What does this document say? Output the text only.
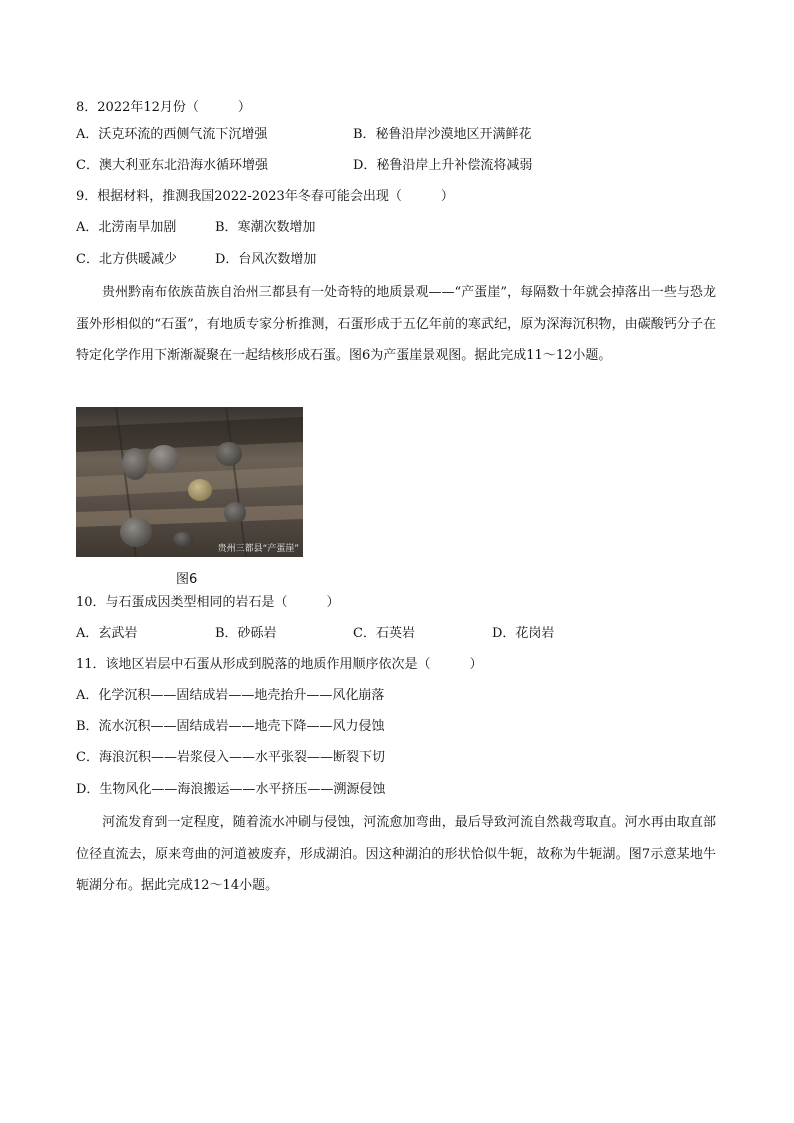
8．2022年12月份（　　　）
A．沃克环流的西侧气流下沉增强	B．秘鲁沿岸沙漠地区开满鲜花
C．澳大利亚东北沿海水循环增强	D．秘鲁沿岸上升补偿流将减弱
9．根据材料，推测我国2022-2023年冬春可能会出现（　　　）
A．北涝南旱加剧	B．寒潮次数增加
C．北方供暖减少	D．台风次数增加
贵州黔南布依族苗族自治州三都县有一处奇特的地质景观——“产蛋崖”，每隔数十年就会掉落出一些与恐龙蛋外形相似的“石蛋”，有地质专家分析推测，石蛋形成于五亿年前的寒武纪，原为深海沉积物，由碳酸钙分子在特定化学作用下渐渐凝聚在一起结核形成石蛋。图6为产蛋崖景观图。据此完成11～12小题。
贵州三都县“产蛋崖”
图6
10．与石蛋成因类型相同的岩石是（　　　）
A．玄武岩	B．砂砾岩	C．石英岩	D．花岗岩
11．该地区岩层中石蛋从形成到脱落的地质作用顺序依次是（　　　）
A．化学沉积——固结成岩——地壳抬升——风化崩落
B．流水沉积——固结成岩——地壳下降——风力侵蚀
C．海浪沉积——岩浆侵入——水平张裂——断裂下切
D．生物风化——海浪搬运——水平挤压——溯源侵蚀
河流发育到一定程度，随着流水冲刷与侵蚀，河流愈加弯曲，最后导致河流自然裁弯取直。河水再由取直部位径直流去，原来弯曲的河道被废弃，形成湖泊。因这种湖泊的形状恰似牛轭，故称为牛轭湖。图7示意某地牛轭湖分布。据此完成12～14小题。
